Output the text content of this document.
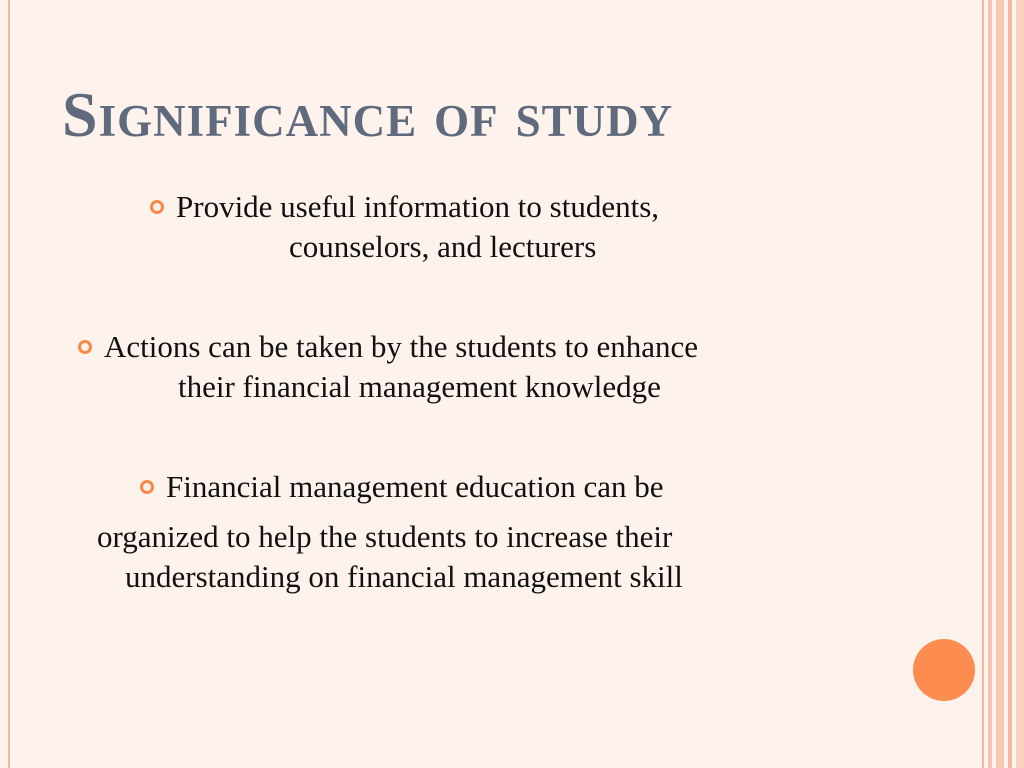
Significance of study
Provide useful information to students,
counselors, and lecturers
Actions can be taken by the students to enhance
their financial management knowledge
Financial management education can be
organized to help the students to increase their
understanding on financial management skill
